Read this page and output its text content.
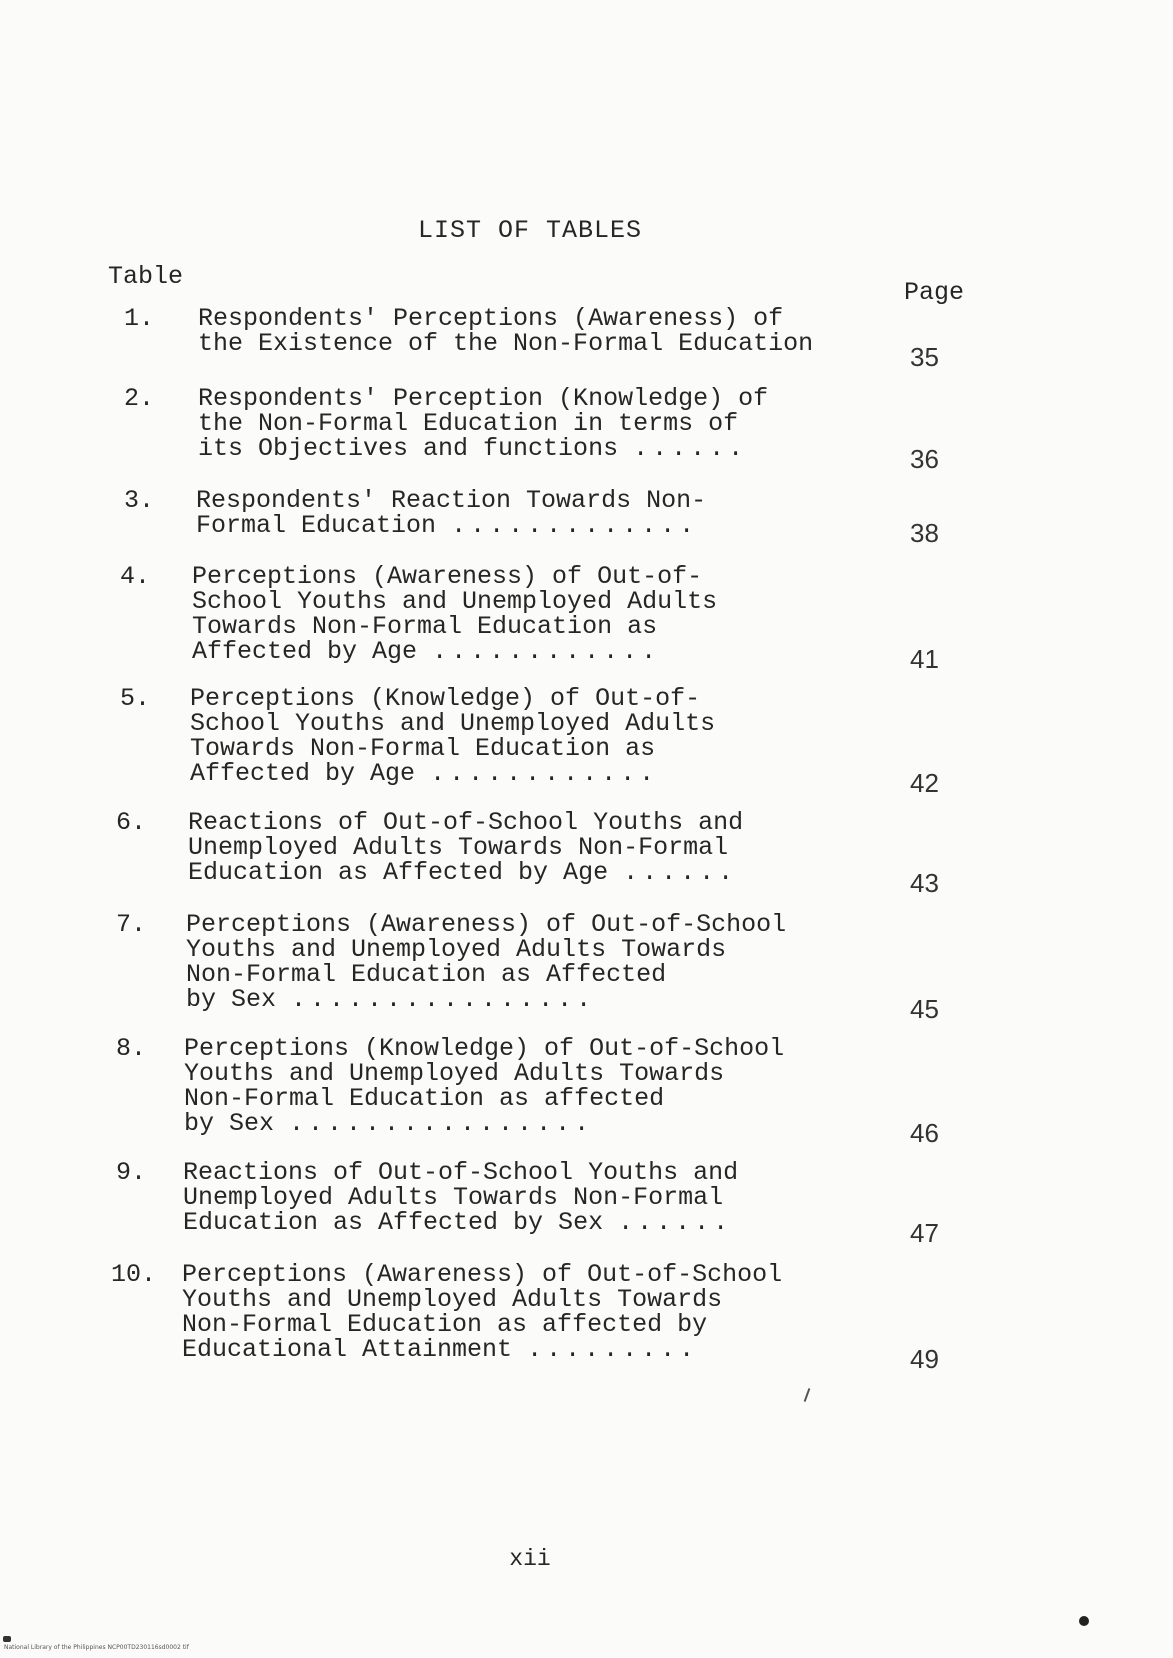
LIST OF TABLES
Table
Page
1. Respondents' Perceptions (Awareness) of
the Existence of the Non-Formal Education	35
2. Respondents' Perception (Knowledge) of
the Non-Formal Education in terms of
its Objectives and functions ......	36
3. Respondents' Reaction Towards Non-
Formal Education .............	38
4. Perceptions (Awareness) of Out-of-
School Youths and Unemployed Adults
Towards Non-Formal Education as
Affected by Age ............	41
5. Perceptions (Knowledge) of Out-of-
School Youths and Unemployed Adults
Towards Non-Formal Education as
Affected by Age ............	42
6. Reactions of Out-of-School Youths and
Unemployed Adults Towards Non-Formal
Education as Affected by Age ......	43
7. Perceptions (Awareness) of Out-of-School
Youths and Unemployed Adults Towards
Non-Formal Education as Affected
by Sex ................	45
8. Perceptions (Knowledge) of Out-of-School
Youths and Unemployed Adults Towards
Non-Formal Education as affected
by Sex ................	46
9. Reactions of Out-of-School Youths and
Unemployed Adults Towards Non-Formal
Education as Affected by Sex ......	47
10. Perceptions (Awareness) of Out-of-School
Youths and Unemployed Adults Towards
Non-Formal Education as affected by
Educational Attainment .........	49
xii
National Library of the Philippines NCP00TD230116sd0002 tif
